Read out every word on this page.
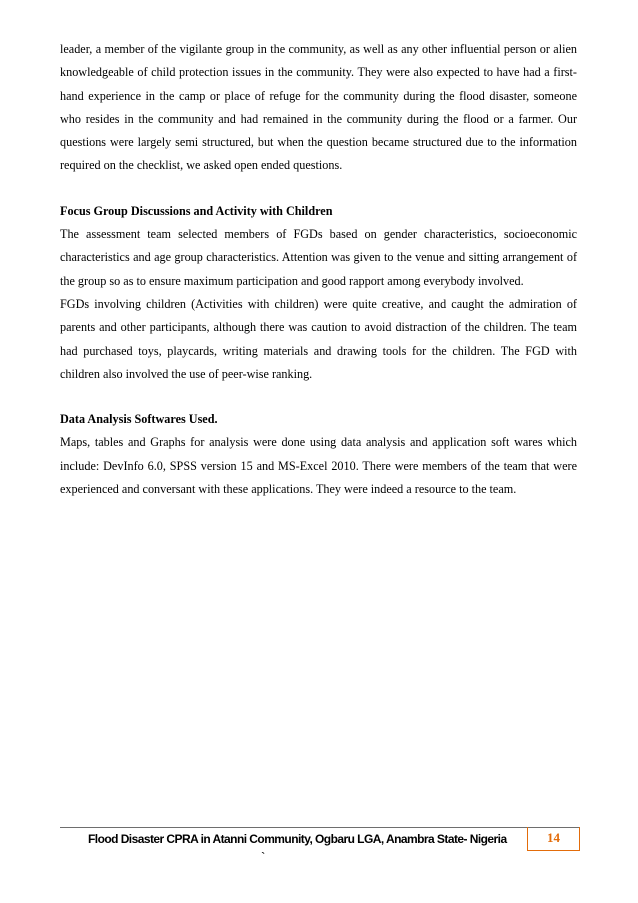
leader, a member of the vigilante group in the community, as well as any other influential person or alien knowledgeable of child protection issues in the community. They were also expected to have had a first-hand experience in the camp or place of refuge for the community during the flood disaster, someone who resides in the community and had remained in the community during the flood or a farmer. Our questions were largely semi structured, but when the question became structured due to the information required on the checklist, we asked open ended questions.

Focus Group Discussions and Activity with Children

The assessment team selected members of FGDs based on gender characteristics, socioeconomic characteristics and age group characteristics. Attention was given to the venue and sitting arrangement of the group so as to ensure maximum participation and good rapport among everybody involved.

FGDs involving children (Activities with children) were quite creative, and caught the admiration of parents and other participants, although there was caution to avoid distraction of the children. The team had purchased toys, playcards, writing materials and drawing tools for the children. The FGD with children also involved the use of peer-wise ranking.

Data Analysis Softwares Used.

Maps, tables and Graphs for analysis were done using data analysis and application soft wares which include: DevInfo 6.0, SPSS version 15 and MS-Excel 2010. There were members of the team that were experienced and conversant with these applications. They were indeed a resource to the team.

Flood Disaster CPRA in Atanni Community, Ogbaru LGA, Anambra State- Nigeria
`
14
